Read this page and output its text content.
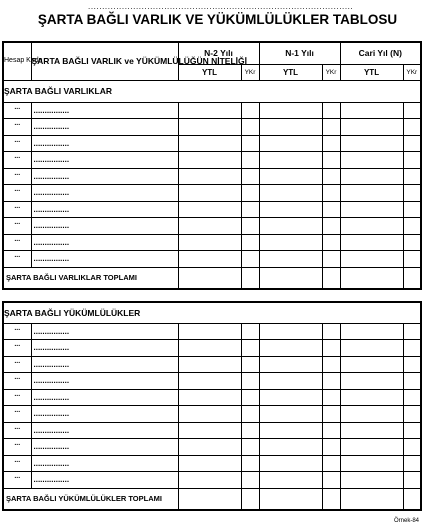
..............................................................................................
ŞARTA BAĞLI VARLIK VE YÜKÜMLÜLÜKLER TABLOSU
Hesap Kodu	ŞARTA BAĞLI VARLIK ve YÜKÜMLÜLÜĞÜN NİTELİĞİ	N-2 Yılı		N-1 Yılı		Cari Yıl (N)	
		YTL	YKr	YTL	YKr	YTL	YKr
ŞARTA BAĞLI VARLIKLAR							
...	................						
...	................						
...	................						
...	................						
...	................						
...	................						
...	................						
...	................						
...	................						
...	................						
ŞARTA BAĞLI VARLIKLAR TOPLAMI							
ŞARTA BAĞLI YÜKÜMLÜLÜKLER							
...	................						
...	................						
...	................						
...	................						
...	................						
...	................						
...	................						
...	................						
...	................						
...	................						
ŞARTA BAĞLI YÜKÜMLÜLÜKLER TOPLAMI							
Örnek-84
